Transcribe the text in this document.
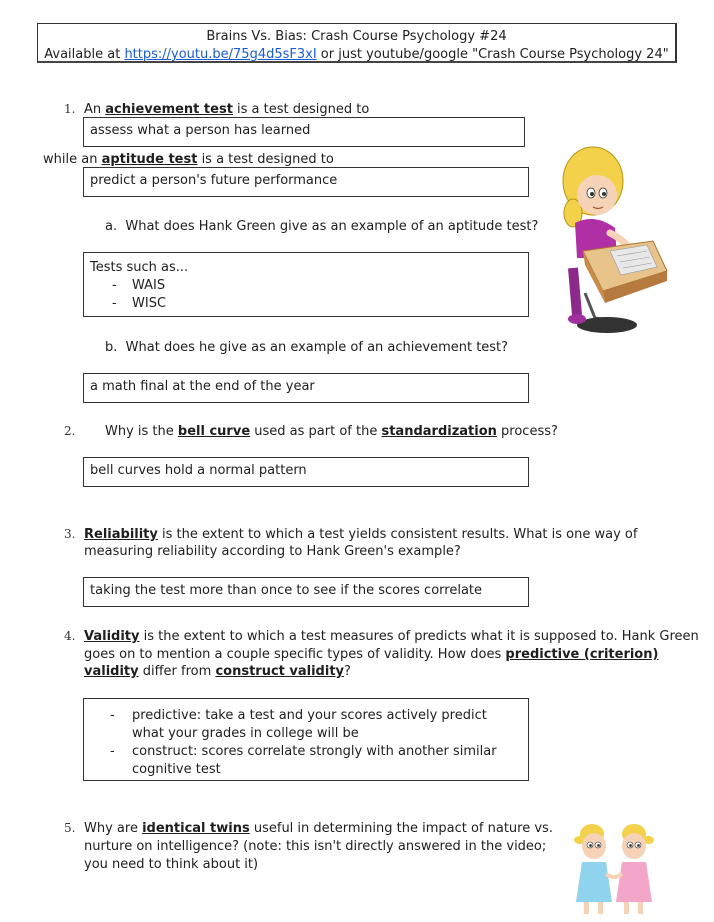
Brains Vs. Bias: Crash Course Psychology #24
Available at https://youtu.be/75g4d5sF3xI or just youtube/google "Crash Course Psychology 24"
1. An achievement test is a test designed to
assess what a person has learned
while an aptitude test is a test designed to
predict a person's future performance
a. What does Hank Green give as an example of an aptitude test?
Tests such as...
- WAIS
- WISC
b. What does he give as an example of an achievement test?
a math final at the end of the year
2. Why is the bell curve used as part of the standardization process?
bell curves hold a normal pattern
3. Reliability is the extent to which a test yields consistent results. What is one way of
measuring reliability according to Hank Green's example?
taking the test more than once to see if the scores correlate
4. Validity is the extent to which a test measures of predicts what it is supposed to. Hank Green
goes on to mention a couple specific types of validity. How does predictive (criterion)
validity differ from construct validity?
- predictive: take a test and your scores actively predict what your grades in college will be
- construct: scores correlate strongly with another similar cognitive test
5. Why are identical twins useful in determining the impact of nature vs.
nurture on intelligence? (note: this isn't directly answered in the video;
you need to think about it)
